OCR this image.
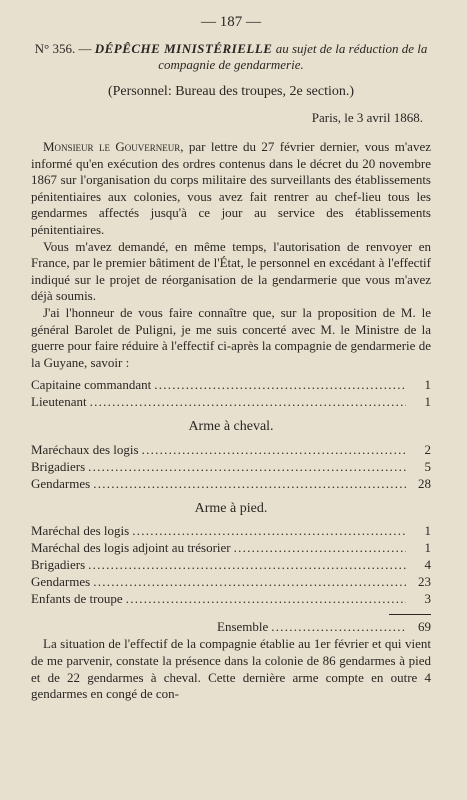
— 187 —

N° 356. — DÉPÊCHE MINISTÉRIELLE au sujet de la réduction de la compagnie de gendarmerie.

(Personnel: Bureau des troupes, 2e section.)
Paris, le 3 avril 1868.

Monsieur le Gouverneur, par lettre du 27 février dernier, vous m'avez informé qu'en exécution des ordres contenus dans le décret du 20 novembre 1867 sur l'organisation du corps militaire des surveillants des établissements pénitentiaires aux colonies, vous avez fait rentrer au chef-lieu tous les gendarmes affectés jusqu'à ce jour au service des établissements pénitentiaires.

Vous m'avez demandé, en même temps, l'autorisation de renvoyer en France, par le premier bâtiment de l'État, le personnel en excédant à l'effectif indiqué sur le projet de réorganisation de la gendarmerie que vous m'avez déjà soumis.

J'ai l'honneur de vous faire connaître que, sur la proposition de M. le général Barolet de Puligni, je me suis concerté avec M. le Ministre de la guerre pour faire réduire à l'effectif ci-après la compagnie de gendarmerie de la Guyane, savoir :

Capitaine commandant . . .	1
Lieutenant . . .	1
Arme à cheval.
Maréchaux des logis . . .	2
Brigadiers . . .	5
Gendarmes . . .	28
Arme à pied.
Maréchal des logis . . .	1
Maréchal des logis adjoint au trésorier . . .	1
Brigadiers . . .	4
Gendarmes . . .	23
Enfants de troupe . . .	3
Ensemble . . .	69

La situation de l'effectif de la compagnie établie au 1er février et qui vient de me parvenir, constate la présence dans la colonie de 86 gendarmes à pied et de 22 gendarmes à cheval. Cette dernière arme compte en outre 4 gendarmes en congé de con-
